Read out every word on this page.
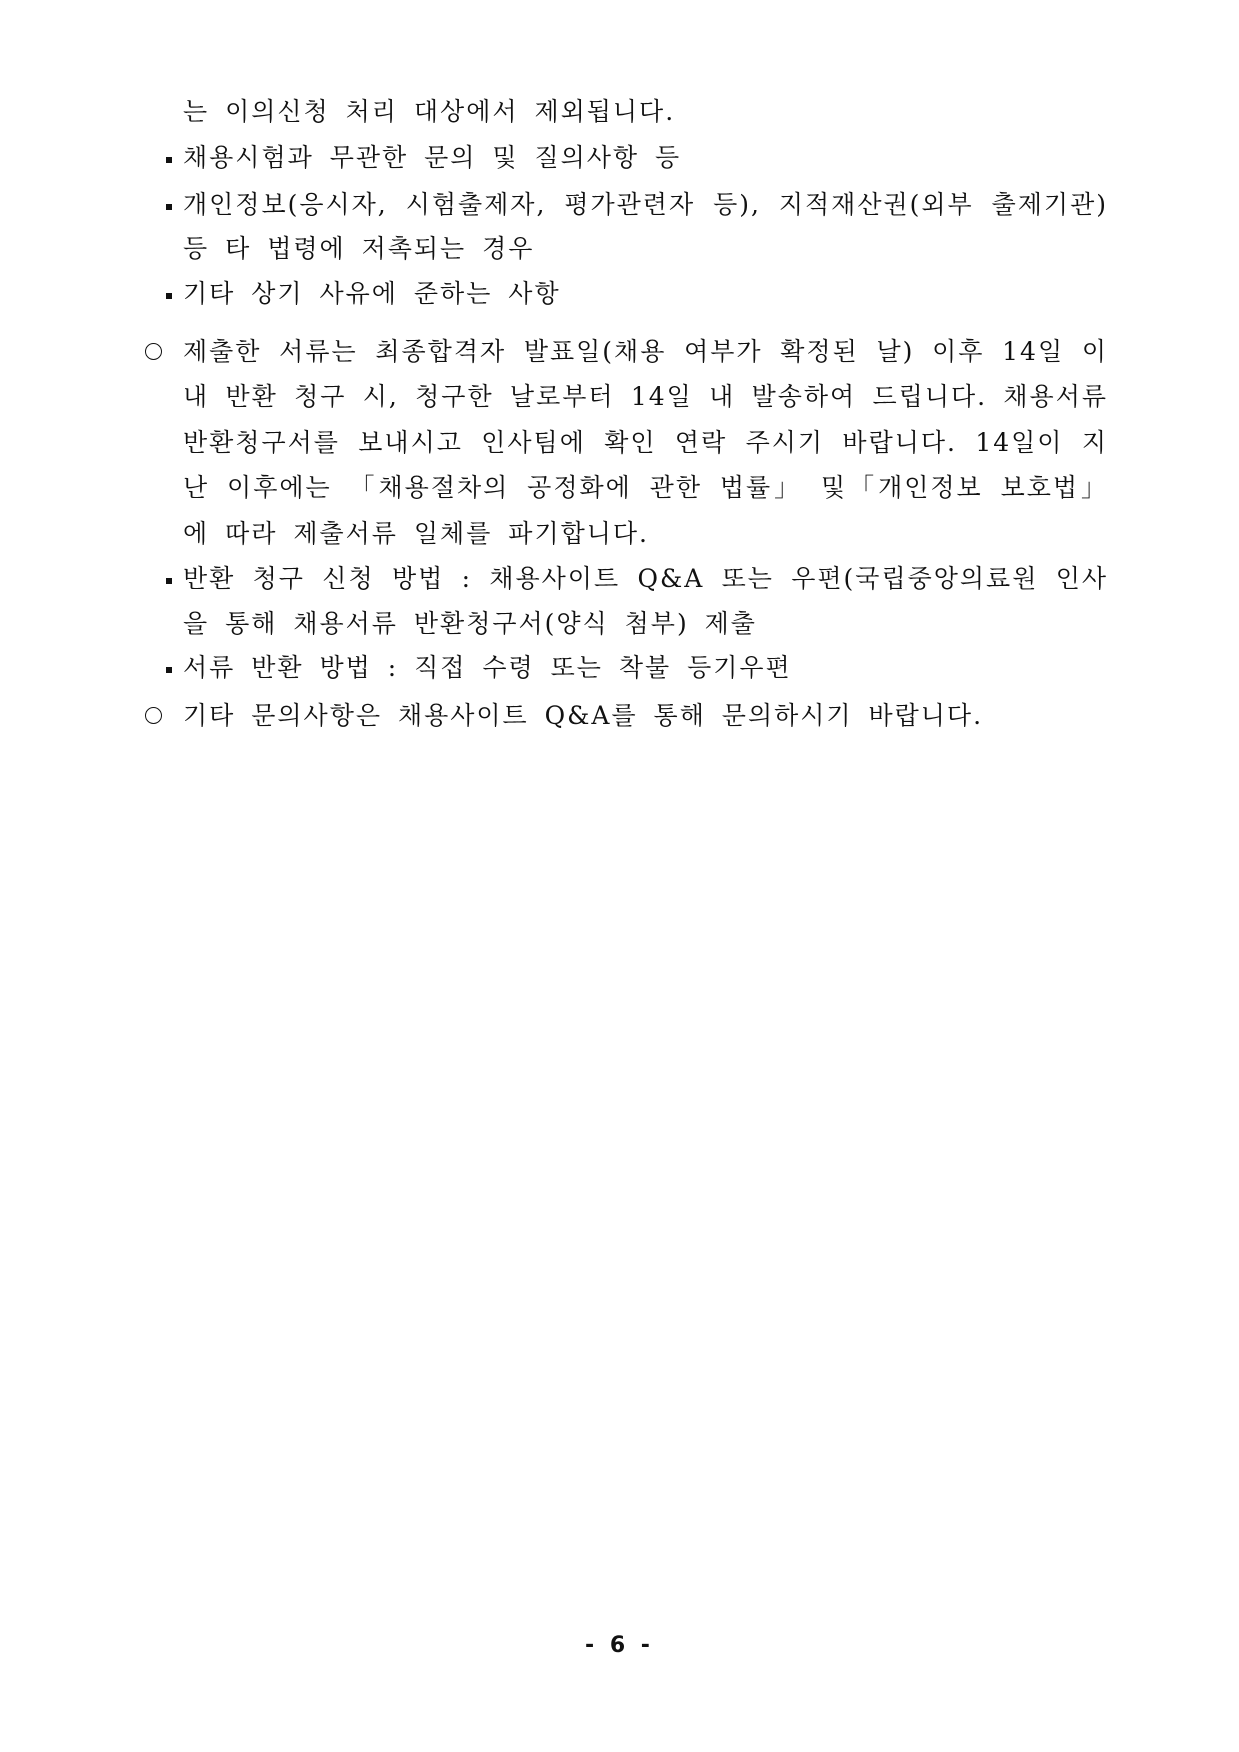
는 이의신청 처리 대상에서 제외됩니다.
채용시험과 무관한 문의 및 질의사항 등
개인정보(응시자, 시험출제자, 평가관련자 등), 지적재산권(외부 출제기관)
등 타 법령에 저촉되는 경우
기타 상기 사유에 준하는 사항
제출한 서류는 최종합격자 발표일(채용 여부가 확정된 날) 이후 14일 이
내 반환 청구 시, 청구한 날로부터 14일 내 발송하여 드립니다. 채용서류
반환청구서를 보내시고 인사팀에 확인 연락 주시기 바랍니다. 14일이 지
난 이후에는 「채용절차의 공정화에 관한 법률」 및「개인정보 보호법」
에 따라 제출서류 일체를 파기합니다.
반환 청구 신청 방법 : 채용사이트 Q&A 또는 우편(국립중앙의료원 인사
을 통해 채용서류 반환청구서(양식 첨부) 제출
서류 반환 방법 : 직접 수령 또는 착불 등기우편
기타 문의사항은 채용사이트 Q&A를 통해 문의하시기 바랍니다.
- 6 -
